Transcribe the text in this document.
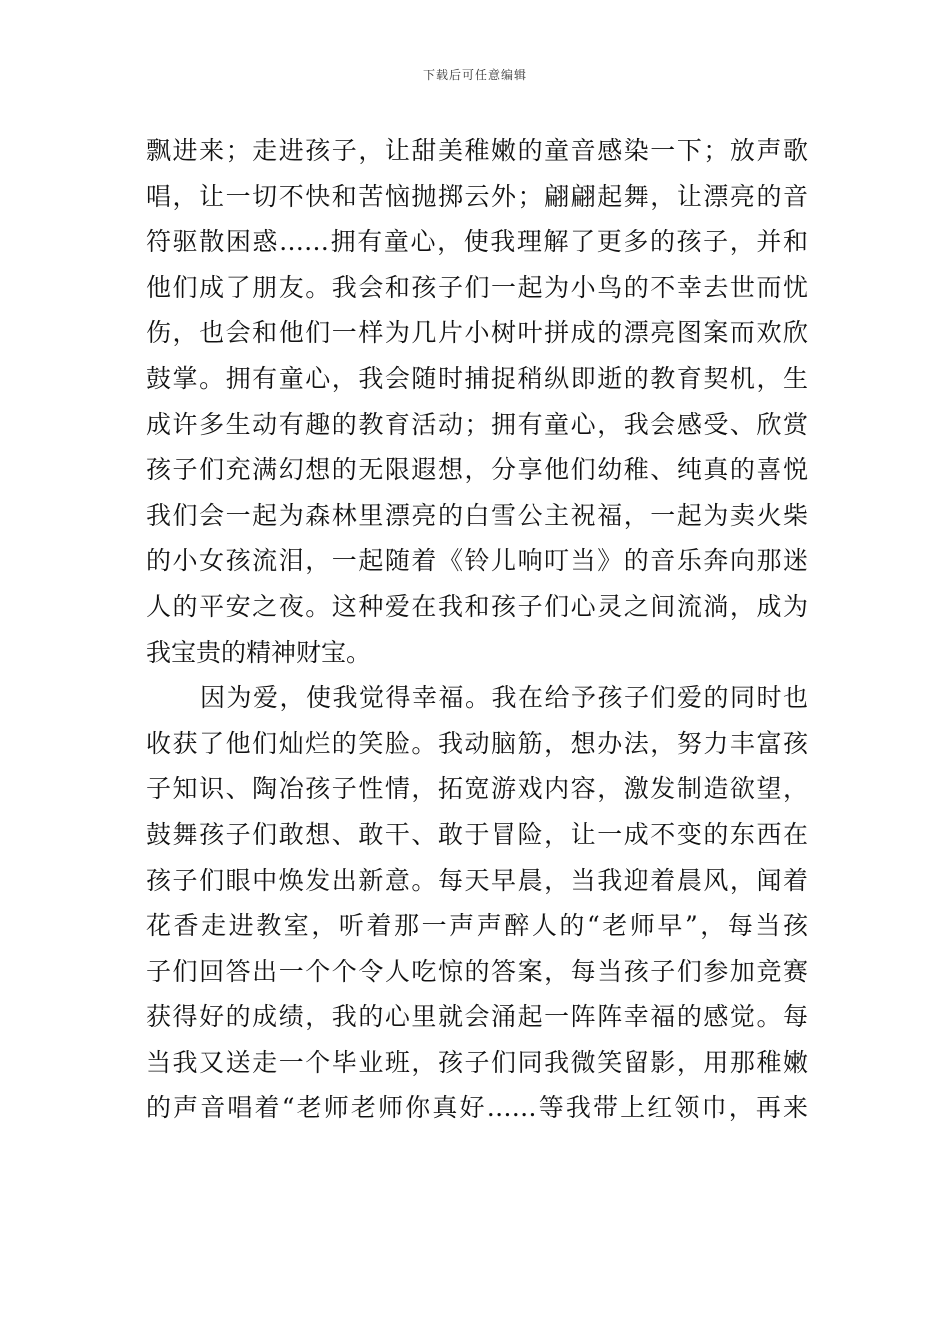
下载后可任意编辑
飘进来；走进孩子，让甜美稚嫩的童音感染一下；放声歌
唱，让一切不快和苦恼抛掷云外；翩翩起舞，让漂亮的音
符驱散困惑……拥有童心，使我理解了更多的孩子，并和
他们成了朋友。我会和孩子们一起为小鸟的不幸去世而忧
伤，也会和他们一样为几片小树叶拼成的漂亮图案而欢欣
鼓掌。拥有童心，我会随时捕捉稍纵即逝的教育契机，生
成许多生动有趣的教育活动；拥有童心，我会感受、欣赏
孩子们充满幻想的无限遐想，分享他们幼稚、纯真的喜悦
我们会一起为森林里漂亮的白雪公主祝福，一起为卖火柴
的小女孩流泪，一起随着《铃儿响叮当》的音乐奔向那迷
人的平安之夜。这种爱在我和孩子们心灵之间流淌，成为
我宝贵的精神财宝。
因为爱，使我觉得幸福。我在给予孩子们爱的同时也
收获了他们灿烂的笑脸。我动脑筋，想办法，努力丰富孩
子知识、陶冶孩子性情，拓宽游戏内容，激发制造欲望，
鼓舞孩子们敢想、敢干、敢于冒险，让一成不变的东西在
孩子们眼中焕发出新意。每天早晨，当我迎着晨风，闻着
花香走进教室，听着那一声声醉人的“老师早”，每当孩
子们回答出一个个令人吃惊的答案，每当孩子们参加竞赛
获得好的成绩，我的心里就会涌起一阵阵幸福的感觉。每
当我又送走一个毕业班，孩子们同我微笑留影，用那稚嫩
的声音唱着“老师老师你真好……等我带上红领巾，再来
